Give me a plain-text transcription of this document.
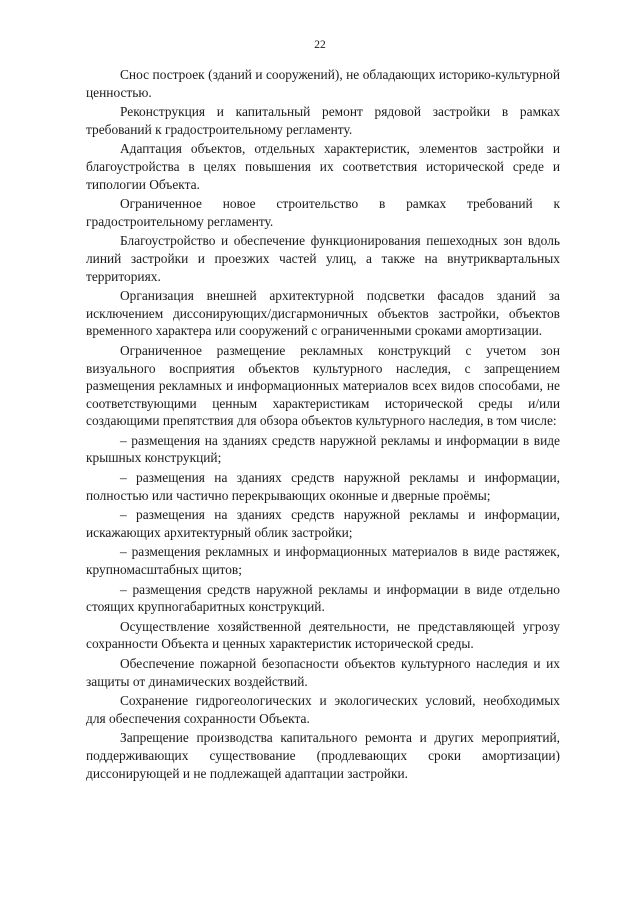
22

Снос построек (зданий и сооружений), не обладающих историко-культурной ценностью.

Реконструкция и капитальный ремонт рядовой застройки в рамках требований к градостроительному регламенту.

Адаптация объектов, отдельных характеристик, элементов застройки и благоустройства в целях повышения их соответствия исторической среде и типологии Объекта.

Ограниченное новое строительство в рамках требований к градостроительному регламенту.

Благоустройство и обеспечение функционирования пешеходных зон вдоль линий застройки и проезжих частей улиц, а также на внутриквартальных территориях.

Организация внешней архитектурной подсветки фасадов зданий за исключением диссонирующих/дисгармоничных объектов застройки, объектов временного характера или сооружений с ограниченными сроками амортизации.

Ограниченное размещение рекламных конструкций с учетом зон визуального восприятия объектов культурного наследия, с запрещением размещения рекламных и информационных материалов всех видов способами, не соответствующими ценным характеристикам исторической среды и/или создающими препятствия для обзора объектов культурного наследия, в том числе:

– размещения на зданиях средств наружной рекламы и информации в виде крышных конструкций;

– размещения на зданиях средств наружной рекламы и информации, полностью или частично перекрывающих оконные и дверные проёмы;

– размещения на зданиях средств наружной рекламы и информации, искажающих архитектурный облик застройки;

– размещения рекламных и информационных материалов в виде растяжек, крупномасштабных щитов;

– размещения средств наружной рекламы и информации в виде отдельно стоящих крупногабаритных конструкций.

Осуществление хозяйственной деятельности, не представляющей угрозу сохранности Объекта и ценных характеристик исторической среды.

Обеспечение пожарной безопасности объектов культурного наследия и их защиты от динамических воздействий.

Сохранение гидрогеологических и экологических условий, необходимых для обеспечения сохранности Объекта.

Запрещение производства капитального ремонта и других мероприятий, поддерживающих существование (продлевающих сроки амортизации) диссонирующей и не подлежащей адаптации застройки.
